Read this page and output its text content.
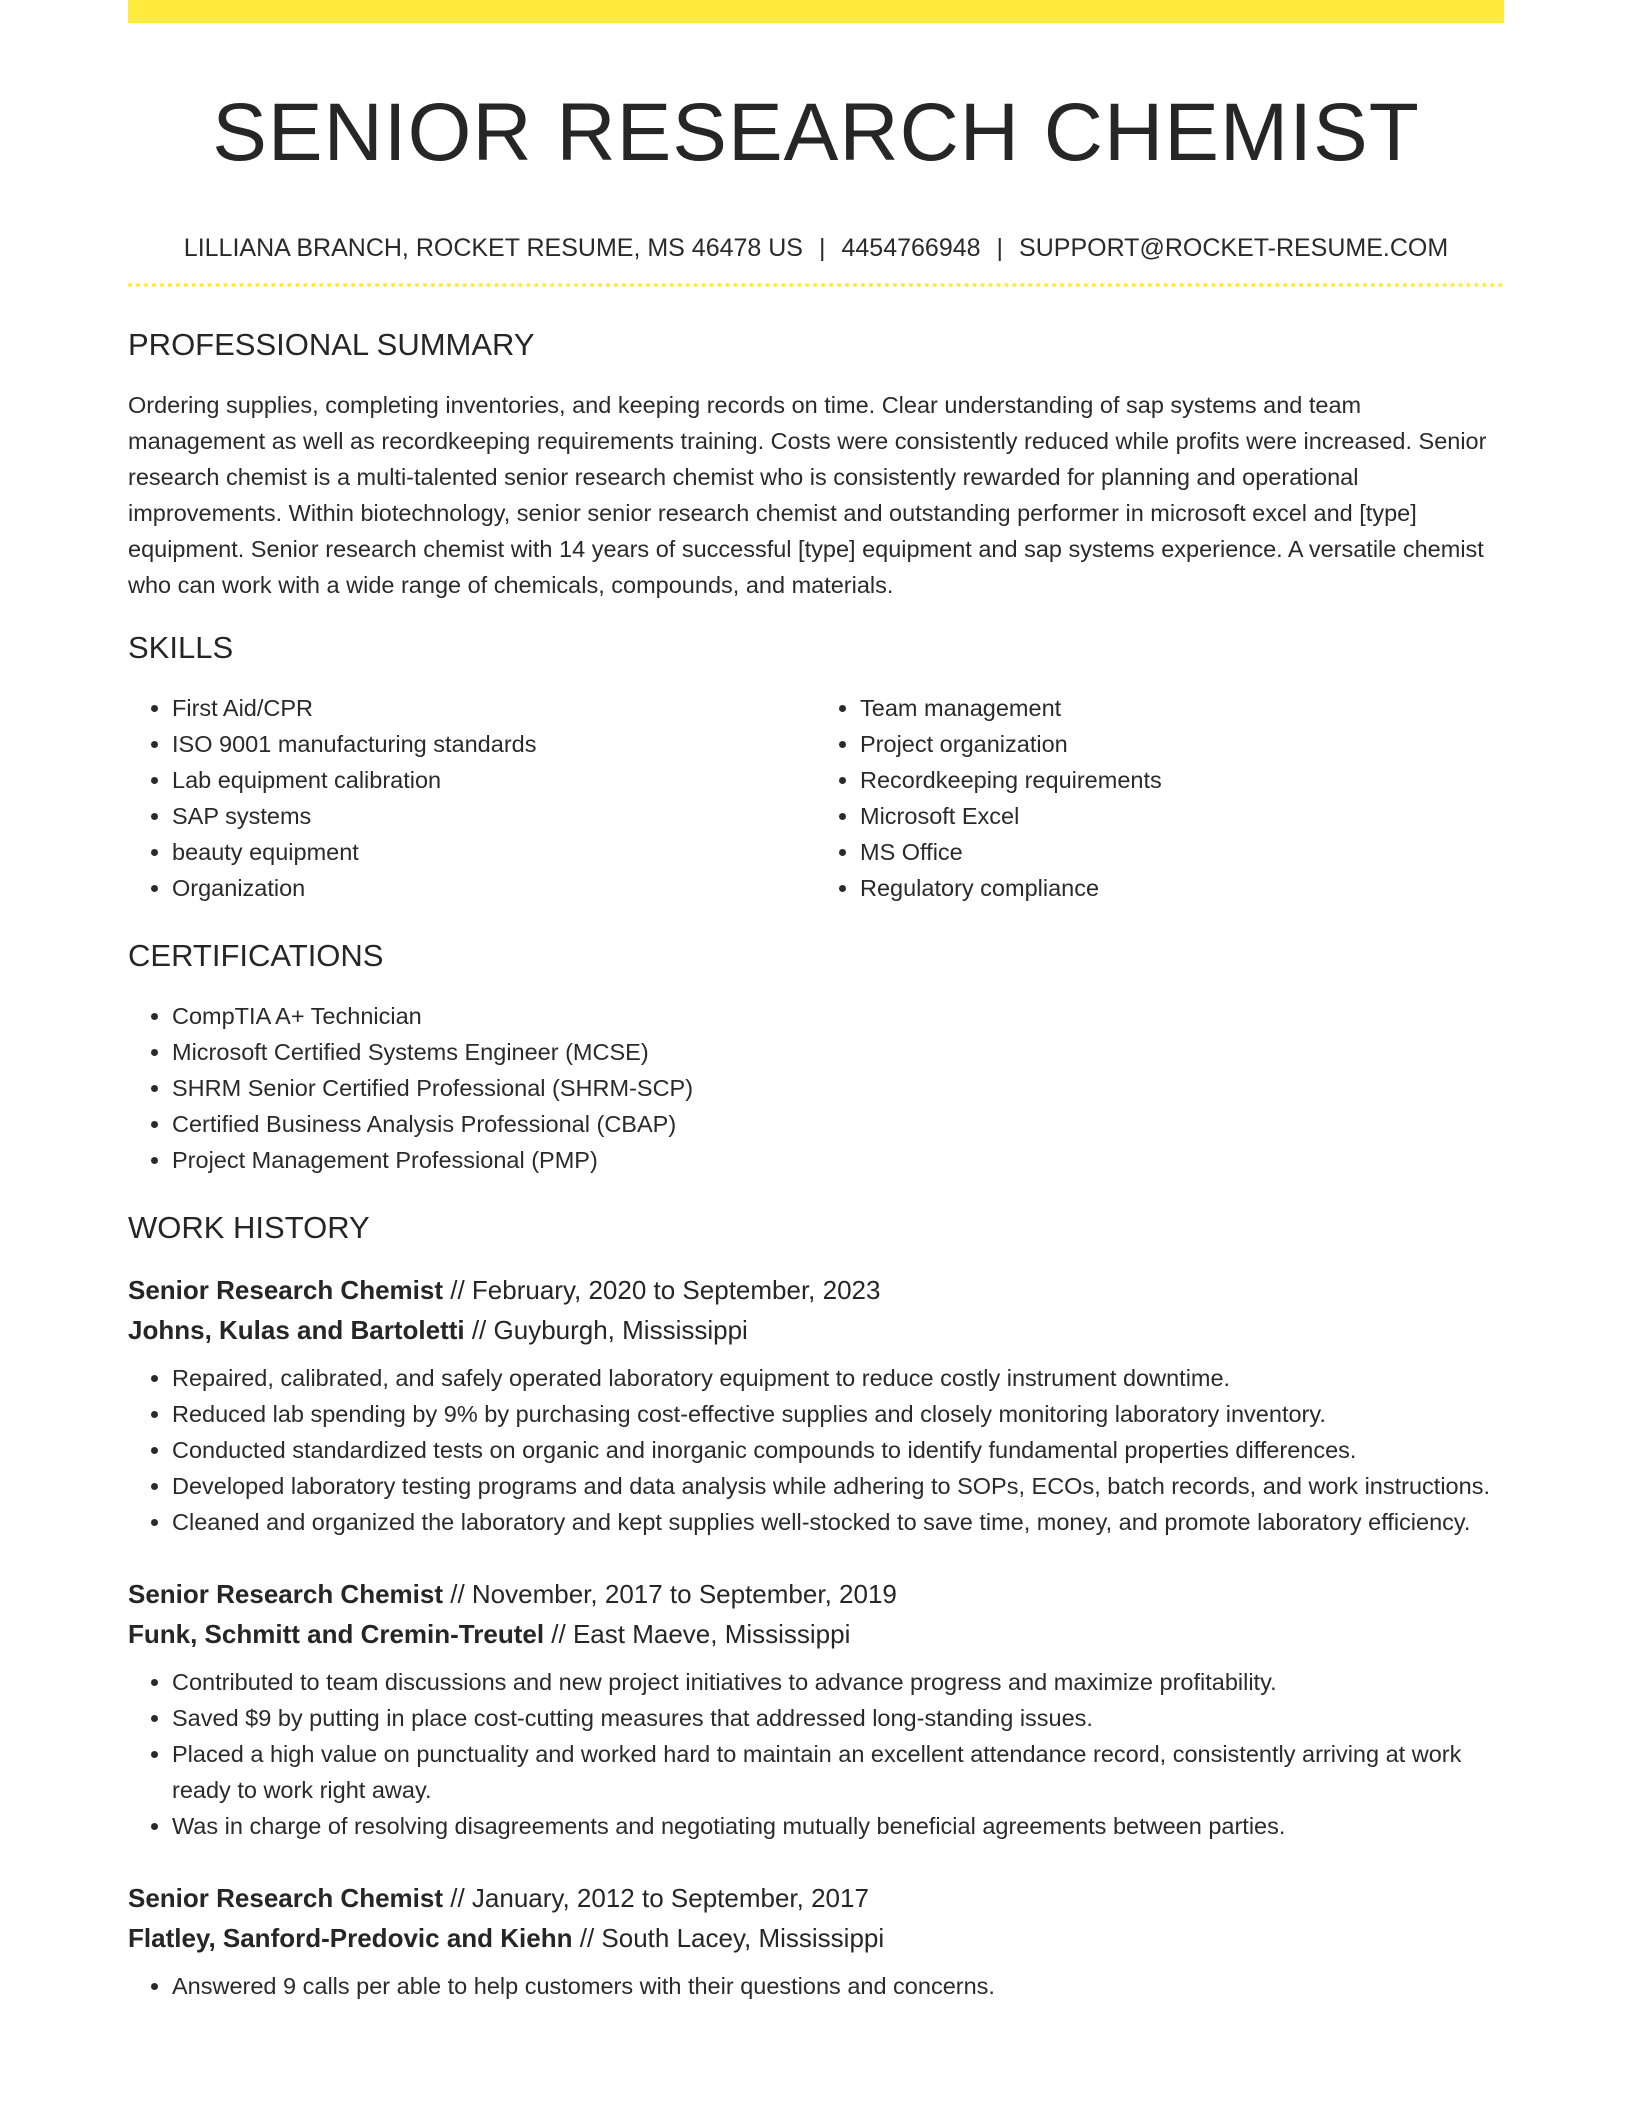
SENIOR RESEARCH CHEMIST
LILLIANA BRANCH, ROCKET RESUME, MS 46478 US | 4454766948 | SUPPORT@ROCKET-RESUME.COM
PROFESSIONAL SUMMARY

Ordering supplies, completing inventories, and keeping records on time. Clear understanding of sap systems and team management as well as recordkeeping requirements training. Costs were consistently reduced while profits were increased. Senior research chemist is a multi-talented senior research chemist who is consistently rewarded for planning and operational improvements. Within biotechnology, senior senior research chemist and outstanding performer in microsoft excel and [type] equipment. Senior research chemist with 14 years of successful [type] equipment and sap systems experience. A versatile chemist who can work with a wide range of chemicals, compounds, and materials.

SKILLS
• First Aid/CPR
• ISO 9001 manufacturing standards
• Lab equipment calibration
• SAP systems
• beauty equipment
• Organization
• Team management
• Project organization
• Recordkeeping requirements
• Microsoft Excel
• MS Office
• Regulatory compliance
CERTIFICATIONS
• CompTIA A+ Technician
• Microsoft Certified Systems Engineer (MCSE)
• SHRM Senior Certified Professional (SHRM-SCP)
• Certified Business Analysis Professional (CBAP)
• Project Management Professional (PMP)
WORK HISTORY
Senior Research Chemist // February, 2020 to September, 2023
Johns, Kulas and Bartoletti // Guyburgh, Mississippi
• Repaired, calibrated, and safely operated laboratory equipment to reduce costly instrument downtime.
• Reduced lab spending by 9% by purchasing cost-effective supplies and closely monitoring laboratory inventory.
• Conducted standardized tests on organic and inorganic compounds to identify fundamental properties differences.
• Developed laboratory testing programs and data analysis while adhering to SOPs, ECOs, batch records, and work instructions.
• Cleaned and organized the laboratory and kept supplies well-stocked to save time, money, and promote laboratory efficiency.
Senior Research Chemist // November, 2017 to September, 2019
Funk, Schmitt and Cremin-Treutel // East Maeve, Mississippi
• Contributed to team discussions and new project initiatives to advance progress and maximize profitability.
• Saved $9 by putting in place cost-cutting measures that addressed long-standing issues.
• Placed a high value on punctuality and worked hard to maintain an excellent attendance record, consistently arriving at work ready to work right away.
• Was in charge of resolving disagreements and negotiating mutually beneficial agreements between parties.
Senior Research Chemist // January, 2012 to September, 2017
Flatley, Sanford-Predovic and Kiehn // South Lacey, Mississippi
• Answered 9 calls per able to help customers with their questions and concerns.
